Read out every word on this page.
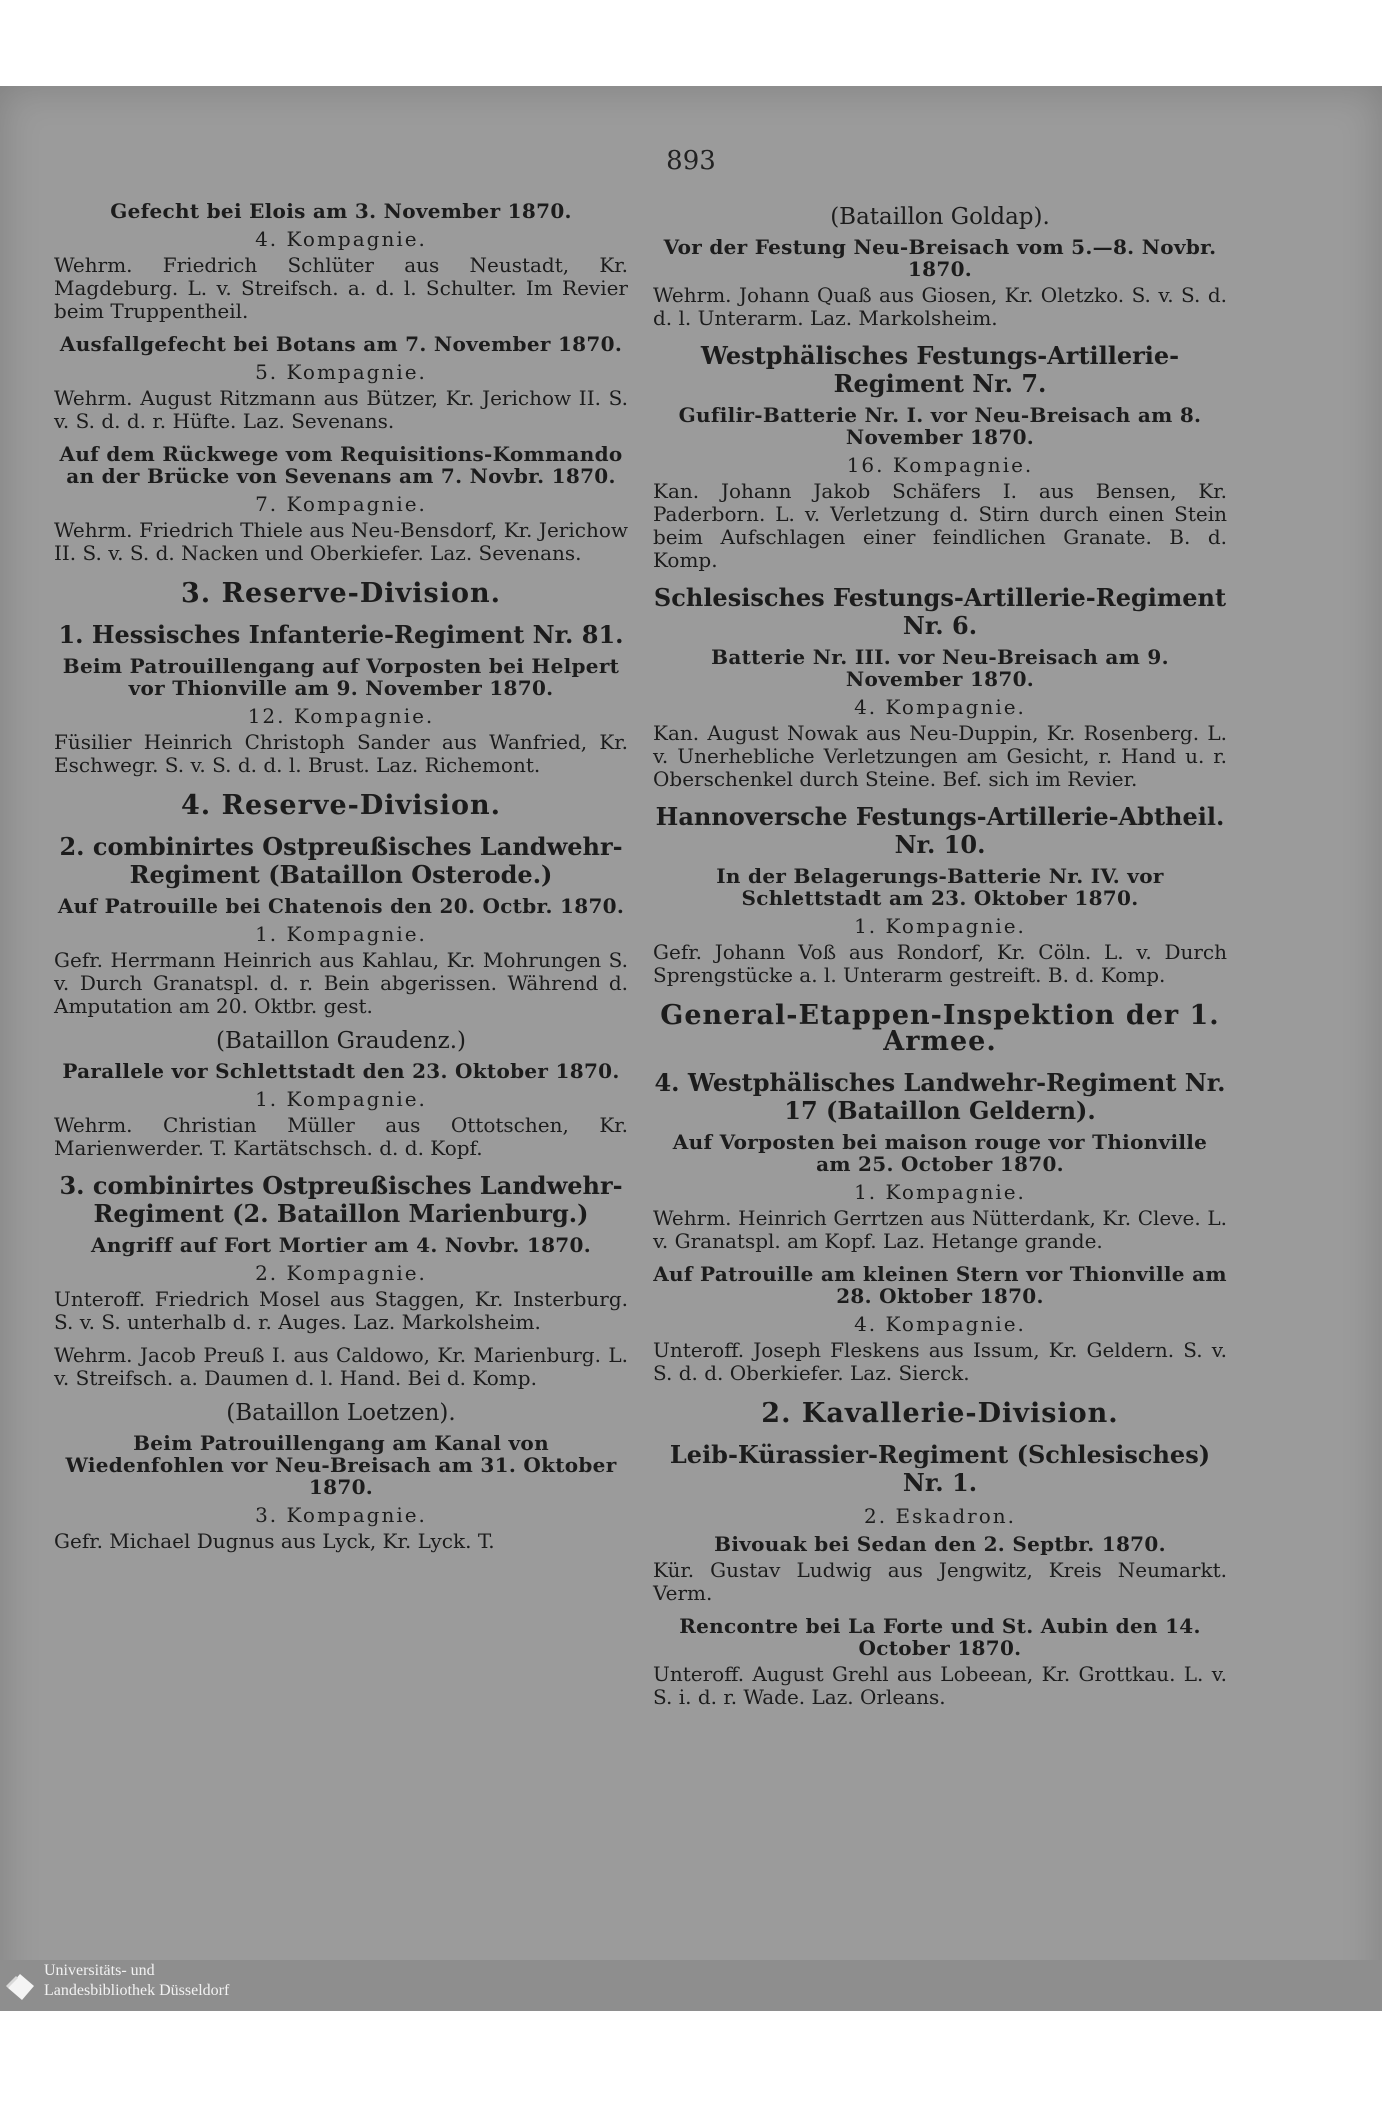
893
Gefecht bei Elois am 3. November 1870.
4. Kompagnie.
Wehrm. Friedrich Schlüter aus Neustadt, Kr. Magdeburg. L. v. Streifsch. a. d. l. Schulter. Im Revier beim Truppentheil.
Ausfallgefecht bei Botans am 7. November 1870.
5. Kompagnie.
Wehrm. August Ritzmann aus Bützer, Kr. Jerichow II. S. v. S. d. d. r. Hüfte. Laz. Sevenans.
Auf dem Rückwege vom Requisitions-Kommando an der Brücke von Sevenans am 7. Novbr. 1870.
7. Kompagnie.
Wehrm. Friedrich Thiele aus Neu-Bensdorf, Kr. Jerichow II. S. v. S. d. Nacken und Oberkiefer. Laz. Sevenans.
3. Reserve-Division.
1. Hessisches Infanterie-Regiment Nr. 81.
Beim Patrouillengang auf Vorposten bei Helpert vor Thionville am 9. November 1870.
12. Kompagnie.
Füsilier Heinrich Christoph Sander aus Wanfried, Kr. Eschwegr. S. v. S. d. d. l. Brust. Laz. Richemont.
4. Reserve-Division.
2. combinirtes Ostpreußisches Landwehr-Regiment (Bataillon Osterode.)
Auf Patrouille bei Chatenois den 20. Octbr. 1870.
1. Kompagnie.
Gefr. Herrmann Heinrich aus Kahlau, Kr. Mohrungen S. v. Durch Granatspl. d. r. Bein abgerissen. Während d. Amputation am 20. Oktbr. gest.
(Bataillon Graudenz.)
Parallele vor Schlettstadt den 23. Oktober 1870.
1. Kompagnie.
Wehrm. Christian Müller aus Ottotschen, Kr. Marienwerder. T. Kartätschsch. d. d. Kopf.
3. combinirtes Ostpreußisches Landwehr-Regiment (2. Bataillon Marienburg.)
Angriff auf Fort Mortier am 4. Novbr. 1870.
2. Kompagnie.
Unteroff. Friedrich Mosel aus Staggen, Kr. Insterburg. S. v. S. unterhalb d. r. Auges. Laz. Markolsheim.
Wehrm. Jacob Preuß I. aus Caldowo, Kr. Marienburg. L. v. Streifsch. a. Daumen d. l. Hand. Bei d. Komp.
(Bataillon Loetzen).
Beim Patrouillengang am Kanal von Wiedenfohlen vor Neu-Breisach am 31. Oktober 1870.
3. Kompagnie.
Gefr. Michael Dugnus aus Lyck, Kr. Lyck. T.
(Bataillon Goldap).
Vor der Festung Neu-Breisach vom 5.—8. Novbr. 1870.
Wehrm. Johann Quaß aus Giosen, Kr. Oletzko. S. v. S. d. d. l. Unterarm. Laz. Markolsheim.
Westphälisches Festungs-Artillerie-Regiment Nr. 7.
Gufilir-Batterie Nr. I. vor Neu-Breisach am 8. November 1870.
16. Kompagnie.
Kan. Johann Jakob Schäfers I. aus Bensen, Kr. Paderborn. L. v. Verletzung d. Stirn durch einen Stein beim Aufschlagen einer feindlichen Granate. B. d. Komp.
Schlesisches Festungs-Artillerie-Regiment Nr. 6.
Batterie Nr. III. vor Neu-Breisach am 9. November 1870.
4. Kompagnie.
Kan. August Nowak aus Neu-Duppin, Kr. Rosenberg. L. v. Unerhebliche Verletzungen am Gesicht, r. Hand u. r. Oberschenkel durch Steine. Bef. sich im Revier.
Hannoversche Festungs-Artillerie-Abtheil. Nr. 10.
In der Belagerungs-Batterie Nr. IV. vor Schlettstadt am 23. Oktober 1870.
1. Kompagnie.
Gefr. Johann Voß aus Rondorf, Kr. Cöln. L. v. Durch Sprengstücke a. l. Unterarm gestreift. B. d. Komp.
General-Etappen-Inspektion der 1. Armee.
4. Westphälisches Landwehr-Regiment Nr. 17 (Bataillon Geldern).
Auf Vorposten bei maison rouge vor Thionville am 25. October 1870.
1. Kompagnie.
Wehrm. Heinrich Gerrtzen aus Nütterdank, Kr. Cleve. L. v. Granatspl. am Kopf. Laz. Hetange grande.
Auf Patrouille am kleinen Stern vor Thionville am 28. Oktober 1870.
4. Kompagnie.
Unteroff. Joseph Fleskens aus Issum, Kr. Geldern. S. v. S. d. d. Oberkiefer. Laz. Sierck.
2. Kavallerie-Division.
Leib-Kürassier-Regiment (Schlesisches) Nr. 1.
2. Eskadron.
Bivouak bei Sedan den 2. Septbr. 1870.
Kür. Gustav Ludwig aus Jengwitz, Kreis Neumarkt. Verm.
Rencontre bei La Forte und St. Aubin den 14. October 1870.
Unteroff. August Grehl aus Lobeean, Kr. Grottkau. L. v. S. i. d. r. Wade. Laz. Orleans.
Universitäts- und
Landesbibliothek Düsseldorf
